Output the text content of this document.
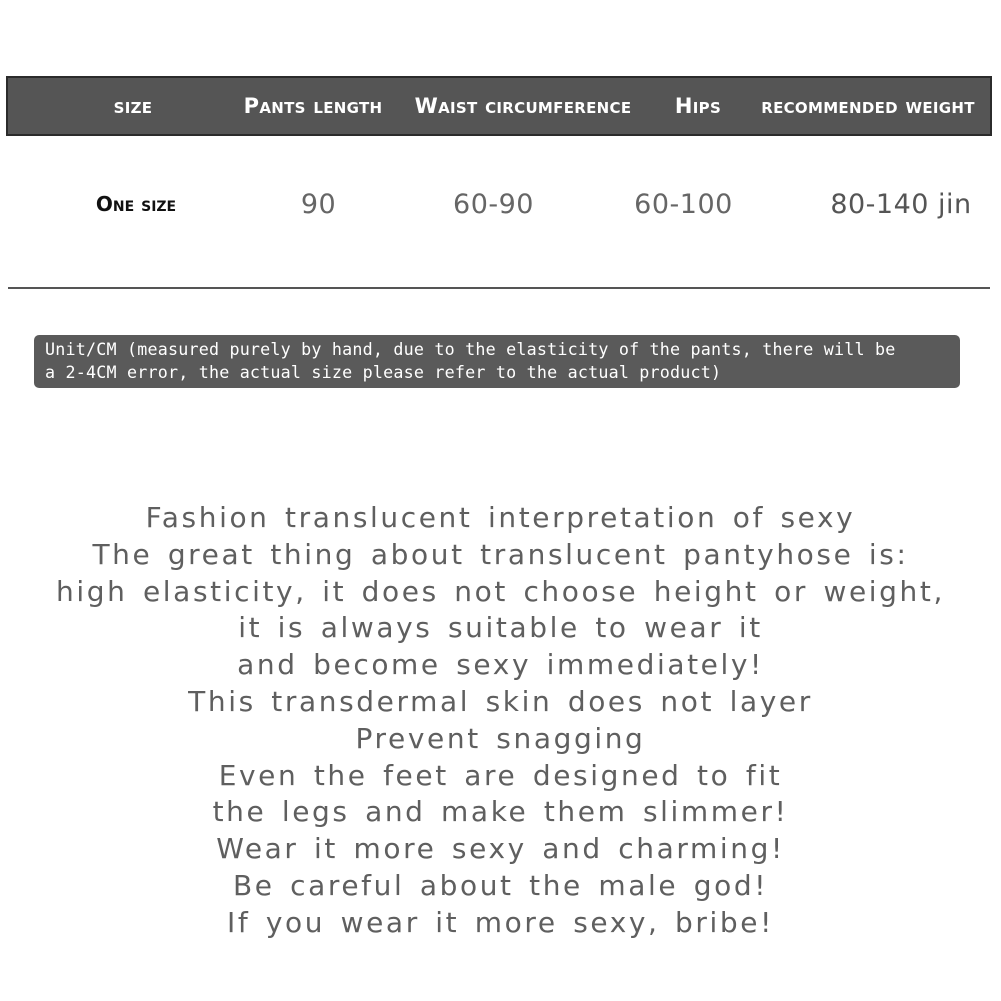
size	Pants length	Waist circumference	Hips	recommended weight
One size	90	60-90	60-100	80-140 jin
Unit/CM (measured purely by hand, due to the elasticity of the pants, there will be
a 2-4CM error, the actual size please refer to the actual product)
Fashion translucent interpretation of sexy
The great thing about translucent pantyhose is:
high elasticity, it does not choose height or weight,
it is always suitable to wear it
and become sexy immediately!
This transdermal skin does not layer
Prevent snagging
Even the feet are designed to fit
the legs and make them slimmer!
Wear it more sexy and charming!
Be careful about the male god!
If you wear it more sexy, bribe!
